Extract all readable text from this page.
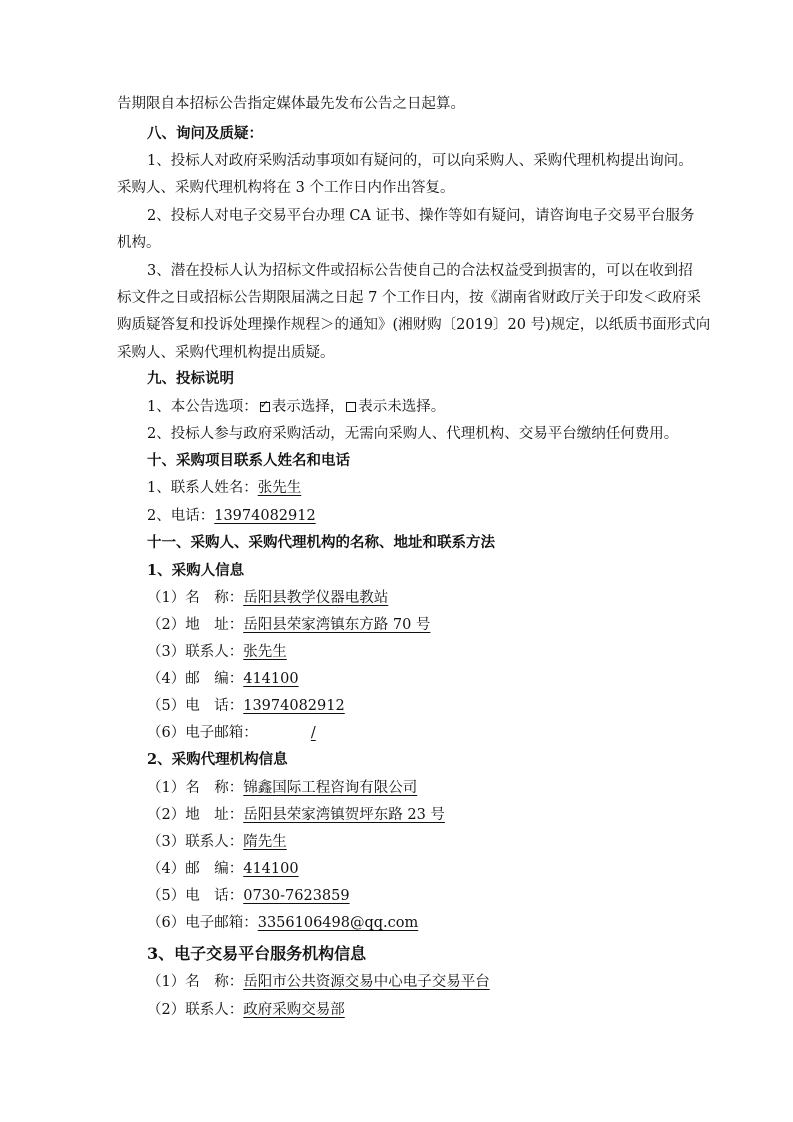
告期限自本招标公告指定媒体最先发布公告之日起算。
八、询问及质疑：
1、投标人对政府采购活动事项如有疑问的，可以向采购人、采购代理机构提出询问。
采购人、采购代理机构将在 3 个工作日内作出答复。
2、投标人对电子交易平台办理 CA 证书、操作等如有疑问，请咨询电子交易平台服务
机构。
3、潜在投标人认为招标文件或招标公告使自己的合法权益受到损害的，可以在收到招
标文件之日或招标公告期限届满之日起 7 个工作日内，按《湖南省财政厅关于印发＜政府采
购质疑答复和投诉处理操作规程＞的通知》(湘财购〔2019〕20 号)规定，以纸质书面形式向
采购人、采购代理机构提出质疑。
九、投标说明
1、本公告选项：✓ 表示选择， 表示未选择。
2、投标人参与政府采购活动，无需向采购人、代理机构、交易平台缴纳任何费用。
十、采购项目联系人姓名和电话
1、联系人姓名：张先生
2、电话：13974082912
十一、采购人、采购代理机构的名称、地址和联系方法
1、采购人信息
（1）名　称：岳阳县教学仪器电教站
（2）地　址：岳阳县荣家湾镇东方路 70 号
（3）联系人：张先生
（4）邮　编：414100
（5）电　话：13974082912
（6）电子邮箱：	/
2、采购代理机构信息
（1）名　称：锦鑫国际工程咨询有限公司
（2）地　址：岳阳县荣家湾镇贺坪东路 23 号
（3）联系人：隋先生
（4）邮　编：414100
（5）电　话：0730-7623859
（6）电子邮箱：3356106498@qq.com
3、电子交易平台服务机构信息
（1）名　称：岳阳市公共资源交易中心电子交易平台
（2）联系人：政府采购交易部
